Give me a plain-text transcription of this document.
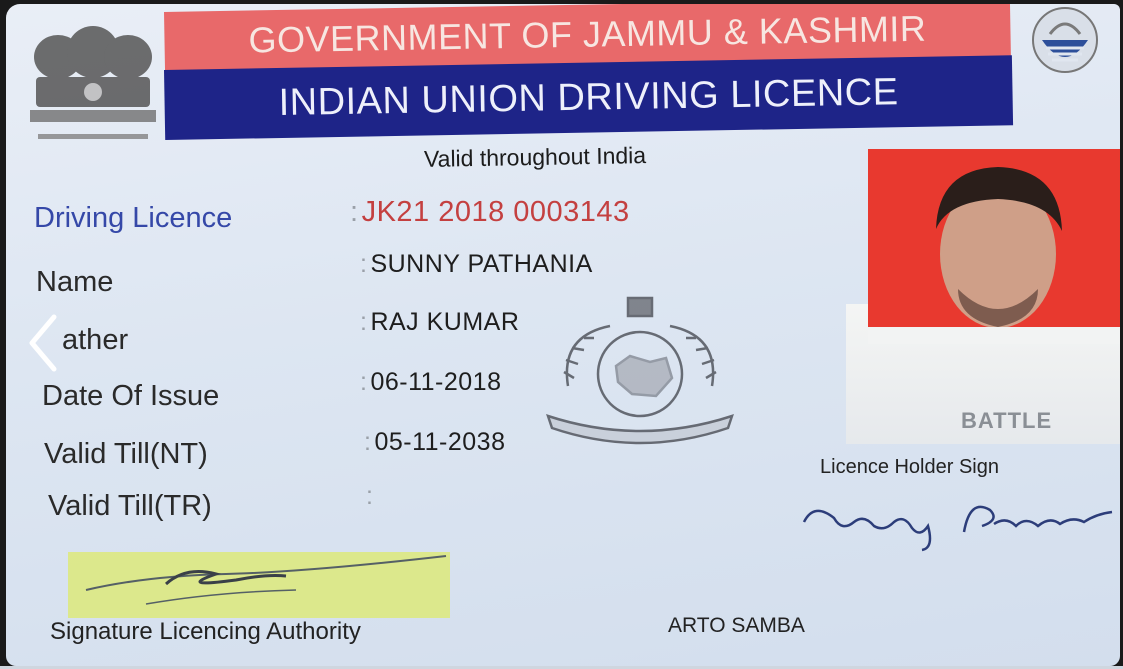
GOVERNMENT OF JAMMU & KASHMIR
INDIAN UNION DRIVING LICENCE
Valid throughout India
Driving Licence
Name
ather
Date Of Issue
Valid Till(NT)
Valid Till(TR)
: JK21 2018 0003143
: SUNNY PATHANIA
: RAJ KUMAR
: 06-11-2018
: 05-11-2038
:
BATTLE
Licence Holder Sign
Signature Licencing Authority	ARTO SAMBA
